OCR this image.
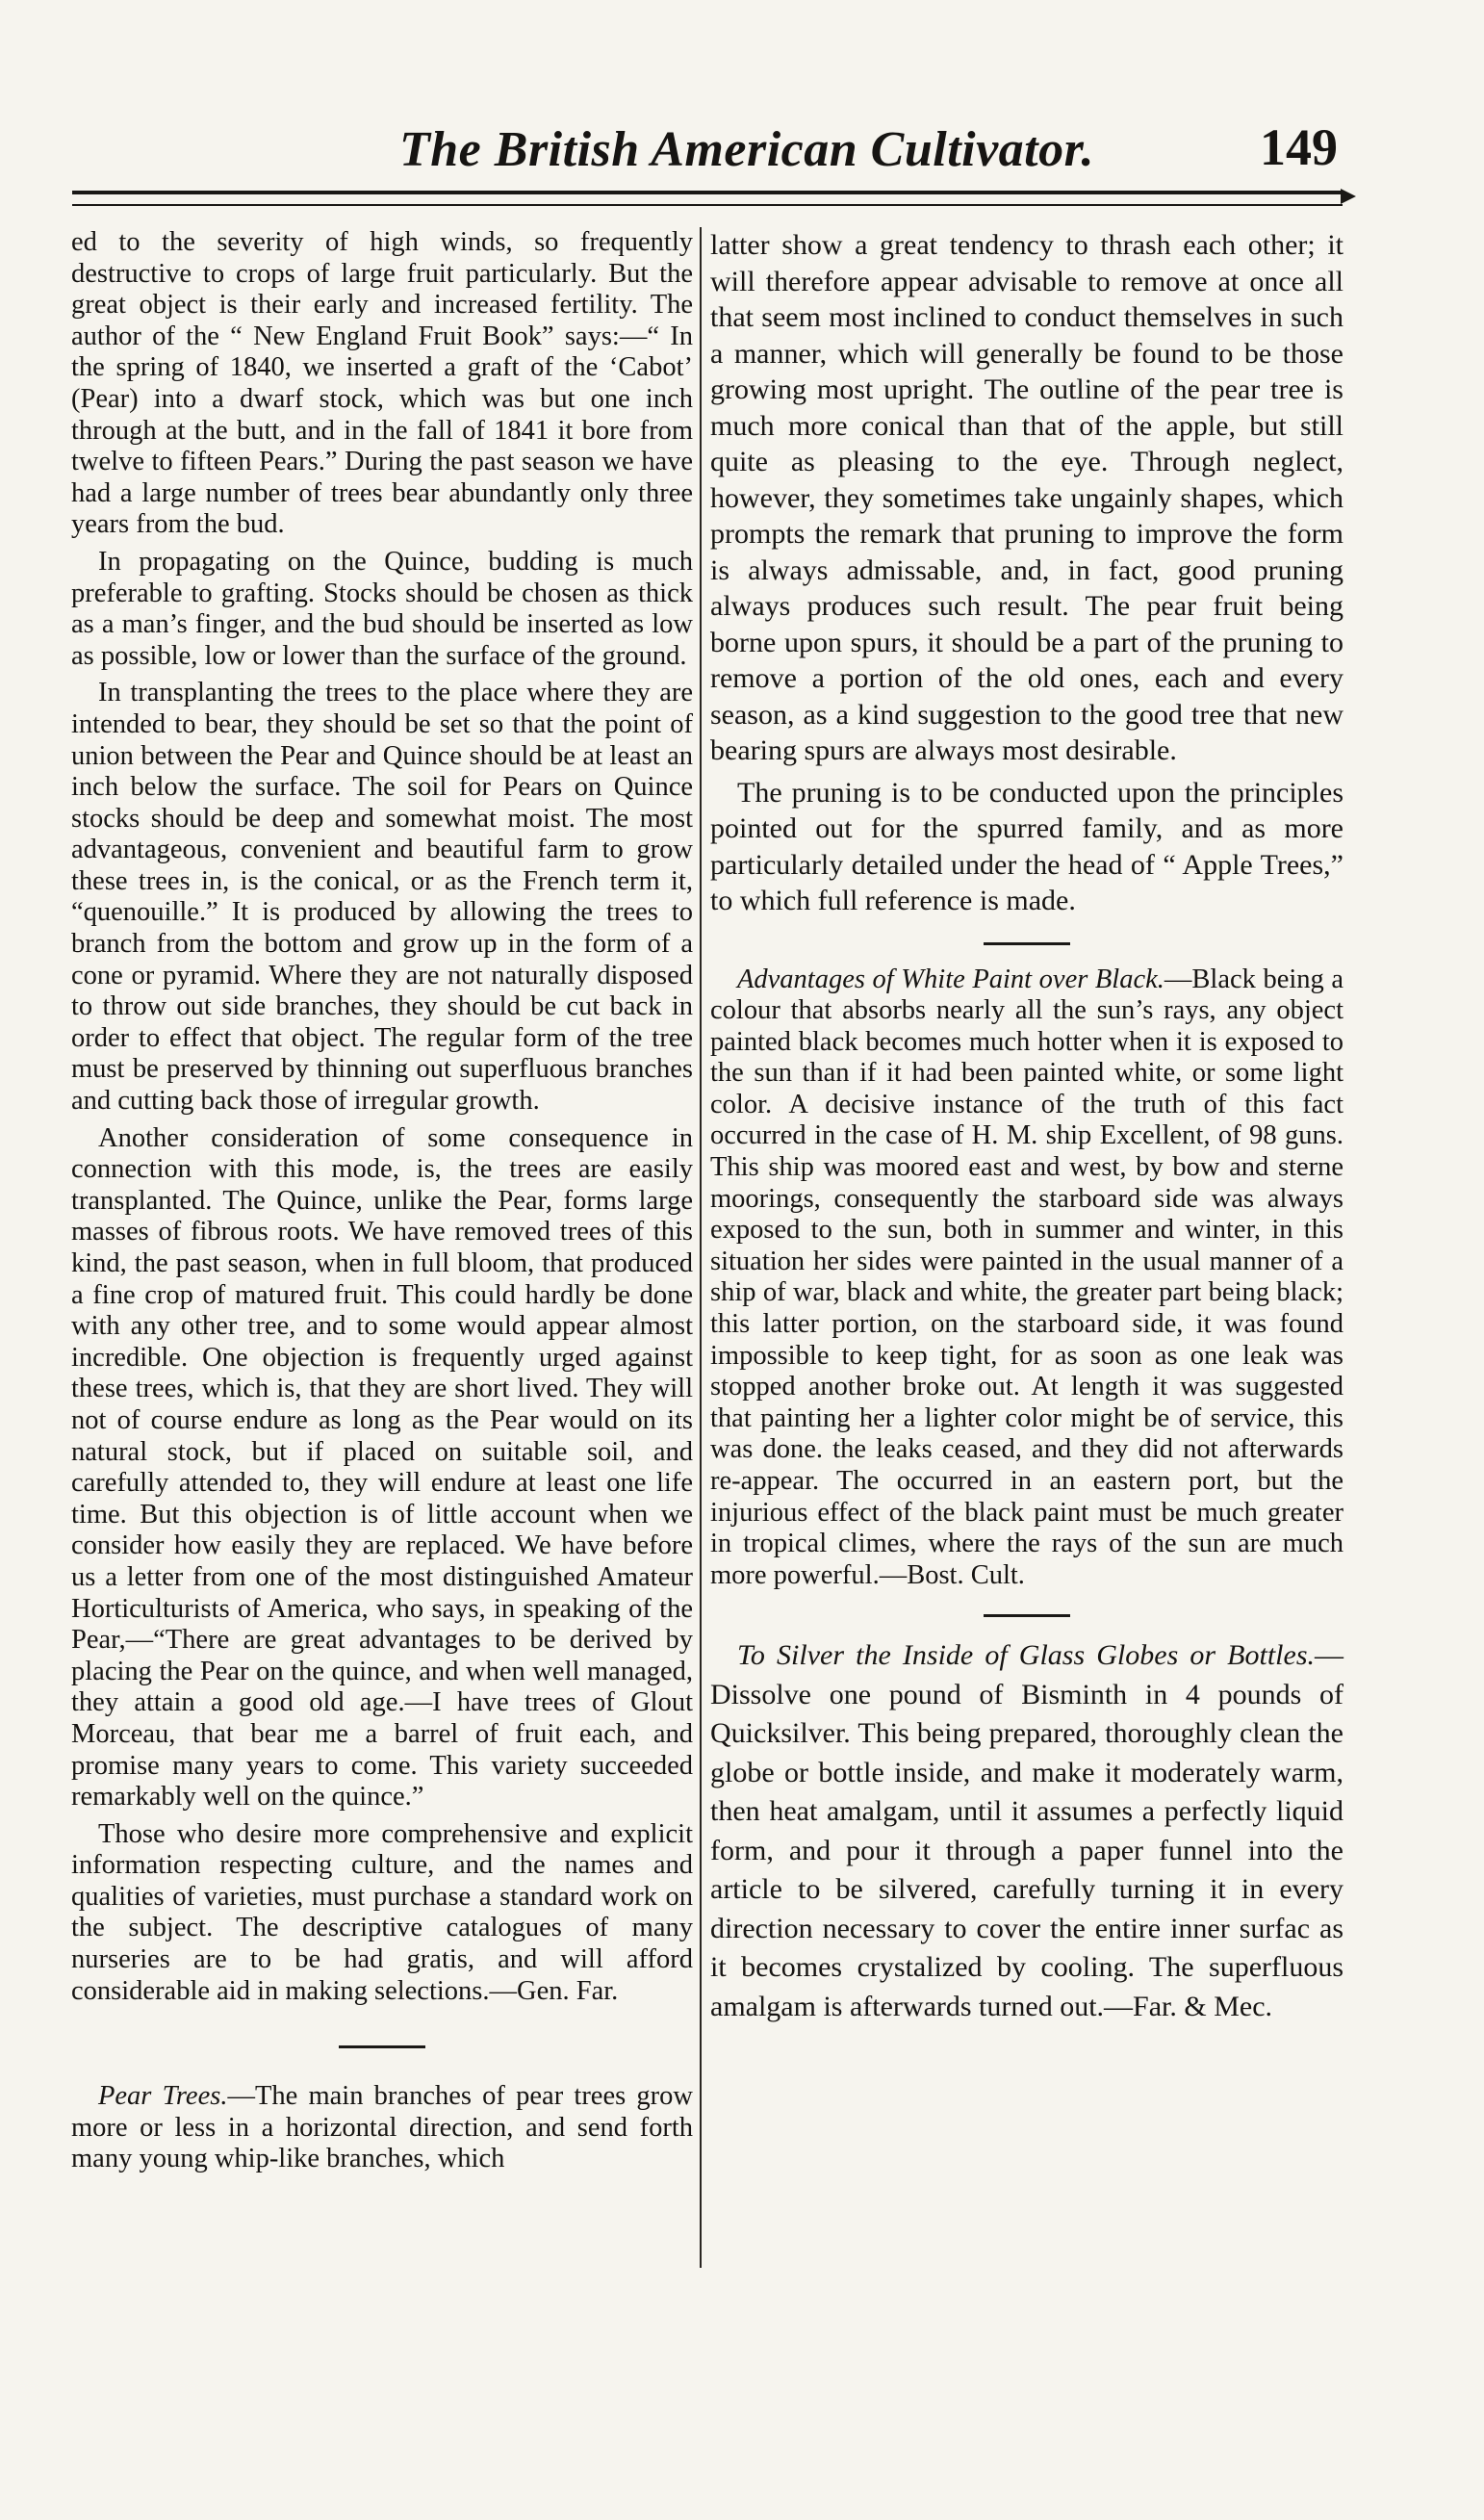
The British American Cultivator.	149

ed to the severity of high winds, so frequently destructive to crops of large fruit particularly. But the great object is their early and increased fertility. The author of the “ New England Fruit Book” says:—“ In the spring of 1840, we inserted a graft of the ‘Cabot’ (Pear) into a dwarf stock, which was but one inch through at the butt, and in the fall of 1841 it bore from twelve to fifteen Pears.” During the past season we have had a large number of trees bear abundantly only three years from the bud.

In propagating on the Quince, budding is much preferable to grafting. Stocks should be chosen as thick as a man’s finger, and the bud should be inserted as low as possible, low or lower than the surface of the ground.

In transplanting the trees to the place where they are intended to bear, they should be set so that the point of union between the Pear and Quince should be at least an inch below the surface. The soil for Pears on Quince stocks should be deep and somewhat moist. The most advantageous, convenient and beautiful farm to grow these trees in, is the conical, or as the French term it, “quenouille.” It is produced by allowing the trees to branch from the bottom and grow up in the form of a cone or pyramid. Where they are not naturally disposed to throw out side branches, they should be cut back in order to effect that object. The regular form of the tree must be preserved by thinning out superfluous branches and cutting back those of irregular growth.

Another consideration of some consequence in connection with this mode, is, the trees are easily transplanted. The Quince, unlike the Pear, forms large masses of fibrous roots. We have removed trees of this kind, the past season, when in full bloom, that produced a fine crop of matured fruit. This could hardly be done with any other tree, and to some would appear almost incredible. One objection is frequently urged against these trees, which is, that they are short lived. They will not of course endure as long as the Pear would on its natural stock, but if placed on suitable soil, and carefully attended to, they will endure at least one life time. But this objection is of little account when we consider how easily they are replaced. We have before us a letter from one of the most distinguished Amateur Horticulturists of America, who says, in speaking of the Pear,—“There are great advantages to be derived by placing the Pear on the quince, and when well managed, they attain a good old age.—I have trees of Glout Morceau, that bear me a barrel of fruit each, and promise many years to come. This variety succeeded remarkably well on the quince.”

Those who desire more comprehensive and explicit information respecting culture, and the names and qualities of varieties, must purchase a standard work on the subject. The descriptive catalogues of many nurseries are to be had gratis, and will afford considerable aid in making selections.—Gen. Far.

Pear Trees.—The main branches of pear trees grow more or less in a horizontal direction, and send forth many young whip-like branches, which

latter show a great tendency to thrash each other; it will therefore appear advisable to remove at once all that seem most inclined to conduct themselves in such a manner, which will generally be found to be those growing most upright. The outline of the pear tree is much more conical than that of the apple, but still quite as pleasing to the eye. Through neglect, however, they sometimes take ungainly shapes, which prompts the remark that pruning to improve the form is always admissable, and, in fact, good pruning always produces such result. The pear fruit being borne upon spurs, it should be a part of the pruning to remove a portion of the old ones, each and every season, as a kind suggestion to the good tree that new bearing spurs are always most desirable.

The pruning is to be conducted upon the principles pointed out for the spurred family, and as more particularly detailed under the head of “ Apple Trees,” to which full reference is made.

Advantages of White Paint over Black.—Black being a colour that absorbs nearly all the sun’s rays, any object painted black becomes much hotter when it is exposed to the sun than if it had been painted white, or some light color. A decisive instance of the truth of this fact occurred in the case of H. M. ship Excellent, of 98 guns. This ship was moored east and west, by bow and sterne moorings, consequently the starboard side was always exposed to the sun, both in summer and winter, in this situation her sides were painted in the usual manner of a ship of war, black and white, the greater part being black; this latter portion, on the starboard side, it was found impossible to keep tight, for as soon as one leak was stopped another broke out. At length it was suggested that painting her a lighter color might be of service, this was done. the leaks ceased, and they did not afterwards re-appear. The occurred in an eastern port, but the injurious effect of the black paint must be much greater in tropical climes, where the rays of the sun are much more powerful.—Bost. Cult.

To Silver the Inside of Glass Globes or Bottles.—Dissolve one pound of Bisminth in 4 pounds of Quicksilver. This being prepared, thoroughly clean the globe or bottle inside, and make it moderately warm, then heat amalgam, until it assumes a perfectly liquid form, and pour it through a paper funnel into the article to be silvered, carefully turning it in every direction necessary to cover the entire inner surfac as it becomes crystalized by cooling. The superfluous amalgam is afterwards turned out.—Far. & Mec.
